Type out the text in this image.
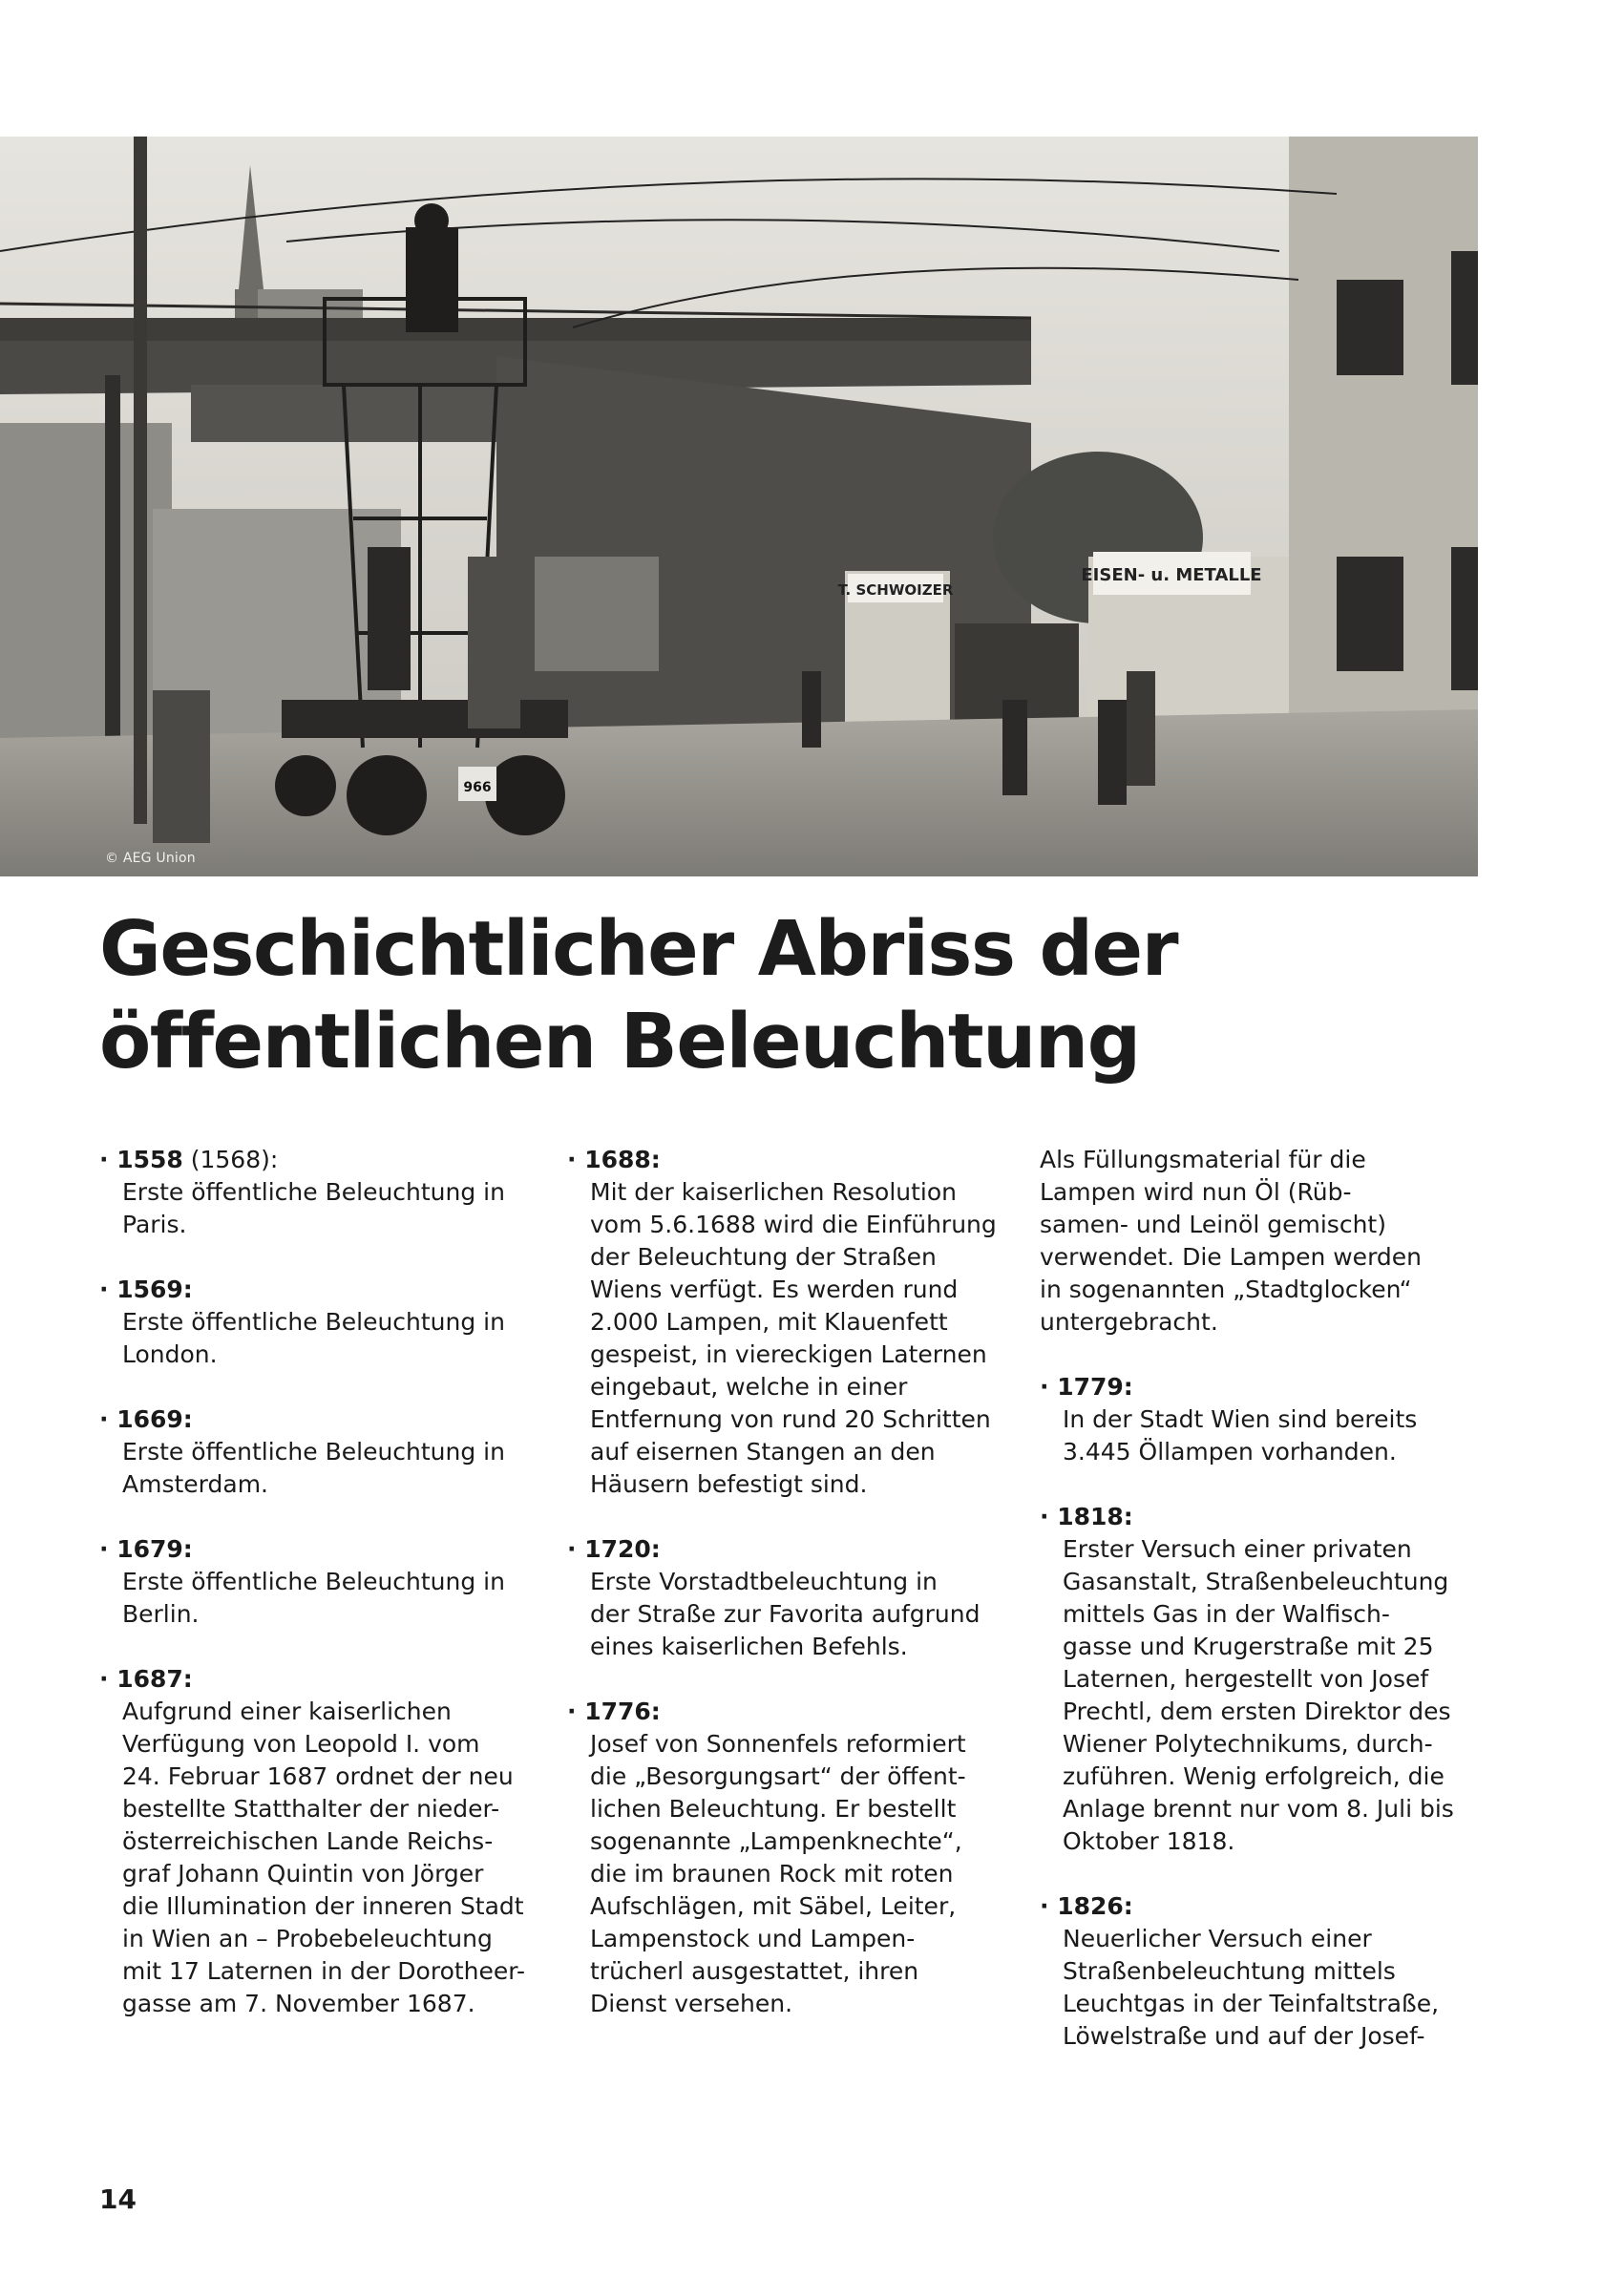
T. SCHWOIZER
EISEN- u. METALLE
966
© AEG Union
Geschichtlicher Abriss der
öffentlichen Beleuchtung
· 1558 (1568):
Erste öffentliche Beleuchtung in
Paris.
· 1569:
Erste öffentliche Beleuchtung in
London.
· 1669:
Erste öffentliche Beleuchtung in
Amsterdam.
· 1679:
Erste öffentliche Beleuchtung in
Berlin.
· 1687:
Aufgrund einer kaiserlichen
Verfügung von Leopold I. vom
24. Februar 1687 ordnet der neu
bestellte Statthalter der nieder-
österreichischen Lande Reichs-
graf Johann Quintin von Jörger
die Illumination der inneren Stadt
in Wien an – Probebeleuchtung
mit 17 Laternen in der Dorotheer-
gasse am 7. November 1687.
· 1688:
Mit der kaiserlichen Resolution
vom 5.6.1688 wird die Einführung
der Beleuchtung der Straßen
Wiens verfügt. Es werden rund
2.000 Lampen, mit Klauenfett
gespeist, in viereckigen Laternen
eingebaut, welche in einer
Entfernung von rund 20 Schritten
auf eisernen Stangen an den
Häusern befestigt sind.
· 1720:
Erste Vorstadtbeleuchtung in
der Straße zur Favorita aufgrund
eines kaiserlichen Befehls.
· 1776:
Josef von Sonnenfels reformiert
die „Besorgungsart“ der öffent-
lichen Beleuchtung. Er bestellt
sogenannte „Lampenknechte“,
die im braunen Rock mit roten
Aufschlägen, mit Säbel, Leiter,
Lampenstock und Lampen-
trücherl ausgestattet, ihren
Dienst versehen.
Als Füllungsmaterial für die
Lampen wird nun Öl (Rüb-
samen- und Leinöl gemischt)
verwendet. Die Lampen werden
in sogenannten „Stadtglocken“
untergebracht.
· 1779:
In der Stadt Wien sind bereits
3.445 Öllampen vorhanden.
· 1818:
Erster Versuch einer privaten
Gasanstalt, Straßenbeleuchtung
mittels Gas in der Walfisch-
gasse und Krugerstraße mit 25
Laternen, hergestellt von Josef
Prechtl, dem ersten Direktor des
Wiener Polytechnikums, durch-
zuführen. Wenig erfolgreich, die
Anlage brennt nur vom 8. Juli bis
Oktober 1818.
· 1826:
Neuerlicher Versuch einer
Straßenbeleuchtung mittels
Leuchtgas in der Teinfaltstraße,
Löwelstraße und auf der Josef-
14
